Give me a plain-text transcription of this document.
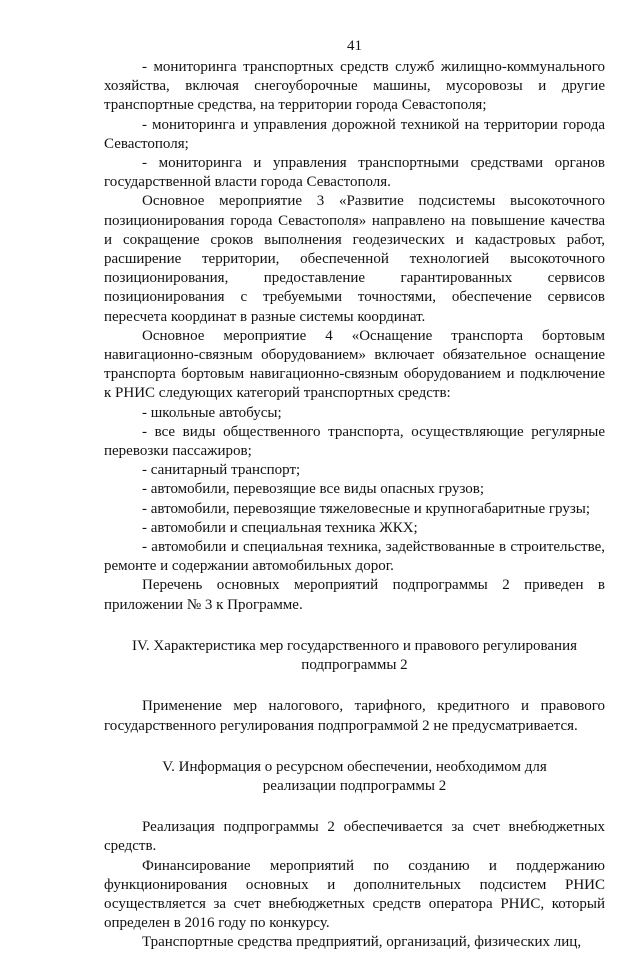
41

- мониторинга транспортных средств служб жилищно-коммунального хозяйства, включая снегоуборочные машины, мусоровозы и другие транспортные средства, на территории города Севастополя;

- мониторинга и управления дорожной техникой на территории города Севастополя;

- мониторинга и управления транспортными средствами органов государственной власти города Севастополя.

Основное мероприятие 3 «Развитие подсистемы высокоточного позиционирования города Севастополя» направлено на повышение качества и сокращение сроков выполнения геодезических и кадастровых работ, расширение территории, обеспеченной технологией высокоточного позиционирования, предоставление гарантированных сервисов позиционирования с требуемыми точностями, обеспечение сервисов пересчета координат в разные системы координат.

Основное мероприятие 4 «Оснащение транспорта бортовым навигационно-связным оборудованием» включает обязательное оснащение транспорта бортовым навигационно-связным оборудованием и подключение к РНИС следующих категорий транспортных средств:

- школьные автобусы;

- все виды общественного транспорта, осуществляющие регулярные перевозки пассажиров;

- санитарный транспорт;

- автомобили, перевозящие все виды опасных грузов;

- автомобили, перевозящие тяжеловесные и крупногабаритные грузы;

- автомобили и специальная техника ЖКХ;

- автомобили и специальная техника, задействованные в строительстве, ремонте и содержании автомобильных дорог.

Перечень основных мероприятий подпрограммы 2 приведен в приложении № 3 к Программе.

IV. Характеристика мер государственного и правового регулирования
подпрограммы 2

Применение мер налогового, тарифного, кредитного и правового государственного регулирования подпрограммой 2 не предусматривается.

V. Информация о ресурсном обеспечении, необходимом для
реализации подпрограммы 2

Реализация подпрограммы 2 обеспечивается за счет внебюджетных средств.

Финансирование мероприятий по созданию и поддержанию функционирования основных и дополнительных подсистем РНИС осуществляется за счет внебюджетных средств оператора РНИС, который определен в 2016 году по конкурсу.

Транспортные средства предприятий, организаций, физических лиц,
